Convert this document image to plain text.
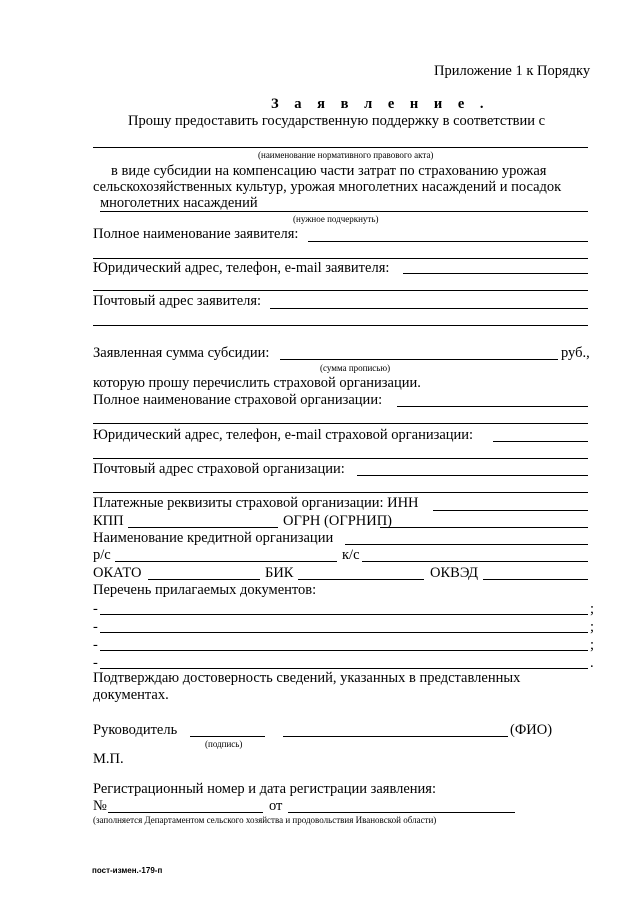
Приложение 1 к Порядку
З а я в л е н и е .
Прошу предоставить государственную поддержку в соответствии с
(наименование нормативного правового акта)
в виде субсидии на компенсацию части затрат по страхованию урожая
сельскохозяйственных культур, урожая многолетних насаждений и посадок
многолетних насаждений
(нужное подчеркнуть)
Полное наименование заявителя:
Юридический адрес, телефон, e-mail заявителя:
Почтовый адрес заявителя:
Заявленная сумма субсидии:	руб.,
(сумма прописью)
которую прошу перечислить страховой организации.
Полное наименование страховой организации:
Юридический адрес, телефон, e-mail страховой организации:
Почтовый адрес страховой организации:
Платежные реквизиты страховой организации: ИНН
КПП	ОГРН (ОГРНИП)
Наименование кредитной организации
р/с	к/с
ОКАТО	БИК	ОКВЭД
Перечень прилагаемых документов:
-	;
-	;
-	;
-	.
Подтверждаю достоверность сведений, указанных в представленных
документах.
Руководитель	(ФИО)
(подпись)
М.П.
Регистрационный номер и дата регистрации заявления:
№	от
(заполняется Департаментом сельского хозяйства и продовольствия Ивановской области)
пост-измен.-179-п
